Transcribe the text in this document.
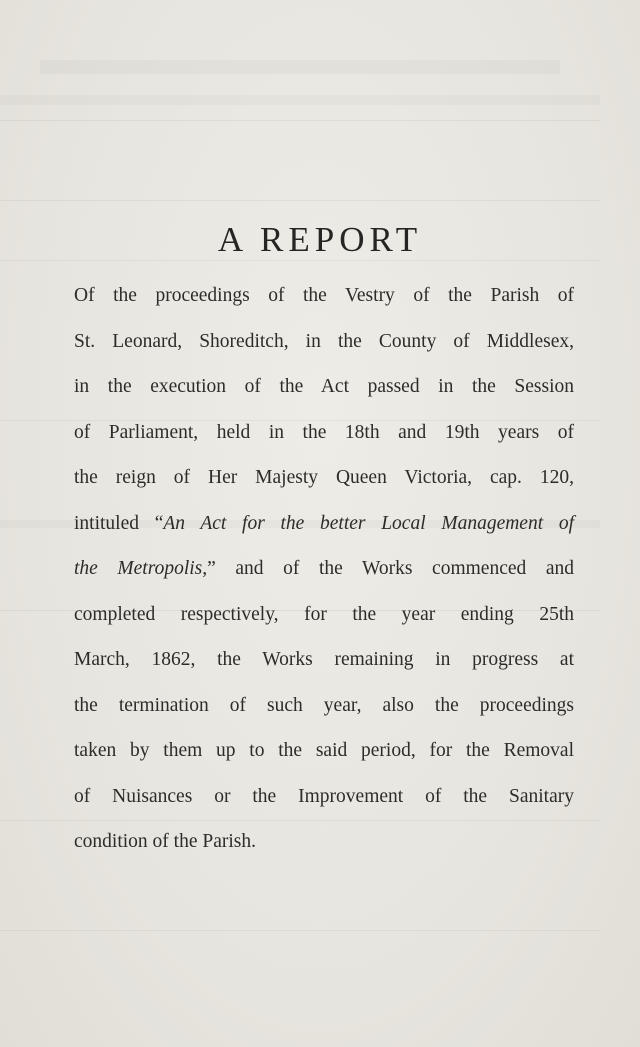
A REPORT
Of the proceedings of the Vestry of the Parish of
St. Leonard, Shoreditch, in the County of Middlesex,
in the execution of the Act passed in the Session
of Parliament, held in the 18th and 19th years of
the reign of Her Majesty Queen Victoria, cap. 120,
intituled “An Act for the better Local Management of
the Metropolis,” and of the Works commenced and
completed respectively, for the year ending 25th
March, 1862, the Works remaining in progress at
the termination of such year, also the proceedings
taken by them up to the said period, for the Removal
of Nuisances or the Improvement of the Sanitary
condition of the Parish.
